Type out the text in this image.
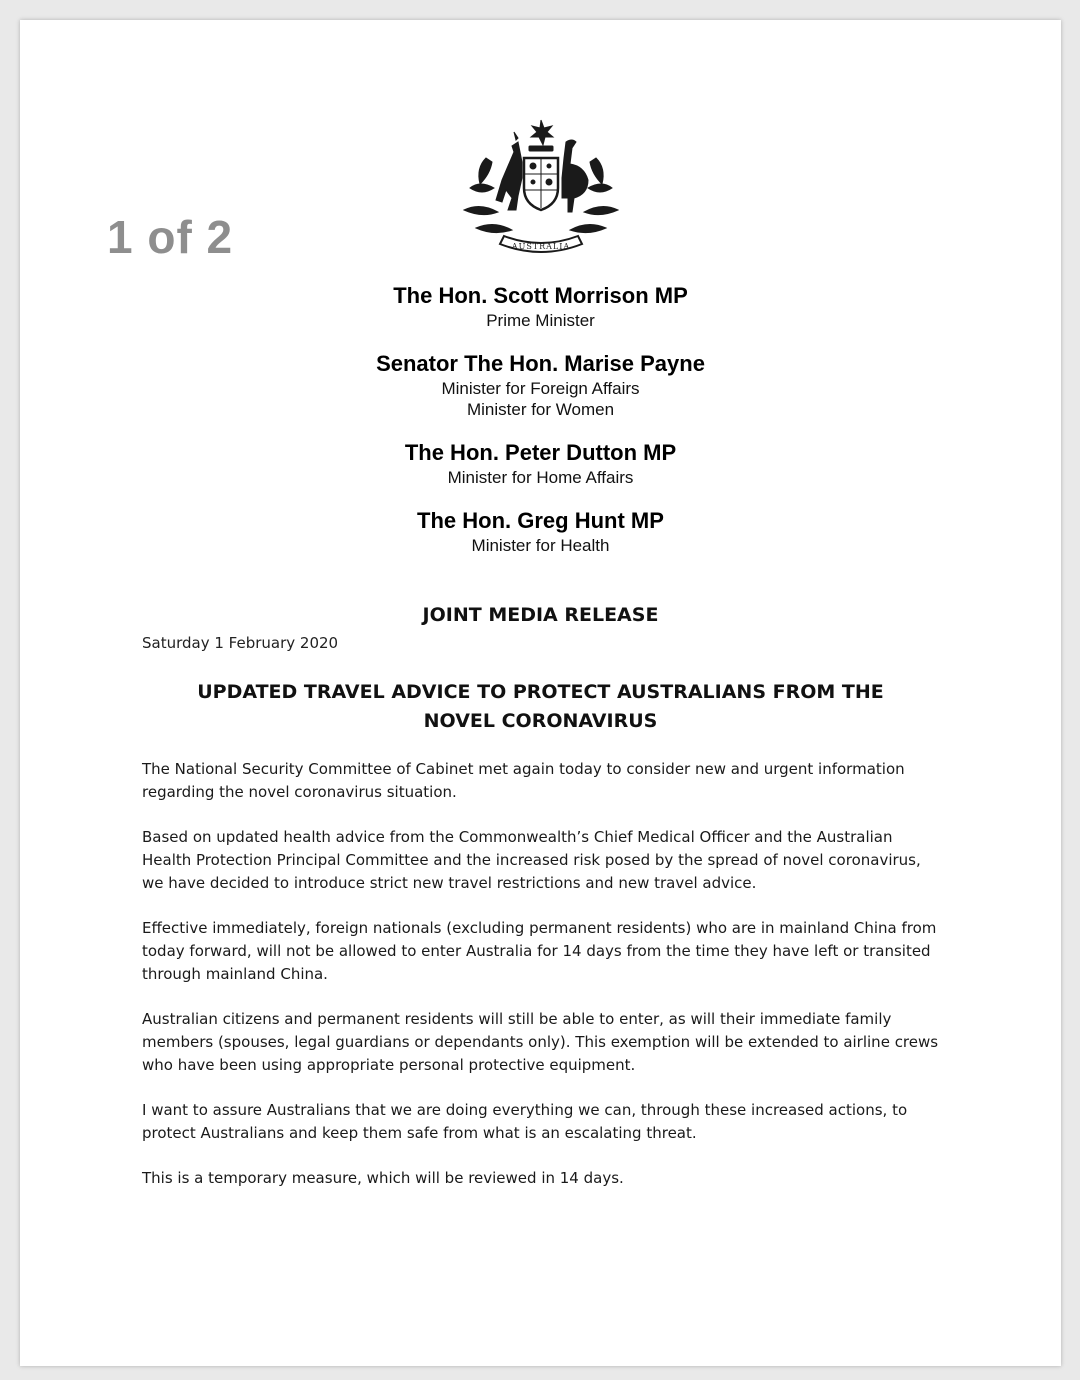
1 of 2	AUSTRALIA
The Hon. Scott Morrison MP
Prime Minister
Senator The Hon. Marise Payne
Minister for Foreign Affairs
Minister for Women
The Hon. Peter Dutton MP
Minister for Home Affairs
The Hon. Greg Hunt MP
Minister for Health
JOINT MEDIA RELEASE
Saturday 1 February 2020
UPDATED TRAVEL ADVICE TO PROTECT AUSTRALIANS FROM THE NOVEL CORONAVIRUS

The National Security Committee of Cabinet met again today to consider new and urgent information regarding the novel coronavirus situation.

Based on updated health advice from the Commonwealth’s Chief Medical Officer and the Australian Health Protection Principal Committee and the increased risk posed by the spread of novel coronavirus, we have decided to introduce strict new travel restrictions and new travel advice.

Effective immediately, foreign nationals (excluding permanent residents) who are in mainland China from today forward, will not be allowed to enter Australia for 14 days from the time they have left or transited through mainland China.

Australian citizens and permanent residents will still be able to enter, as will their immediate family members (spouses, legal guardians or dependants only). This exemption will be extended to airline crews who have been using appropriate personal protective equipment.

I want to assure Australians that we are doing everything we can, through these increased actions, to protect Australians and keep them safe from what is an escalating threat.

This is a temporary measure, which will be reviewed in 14 days.
